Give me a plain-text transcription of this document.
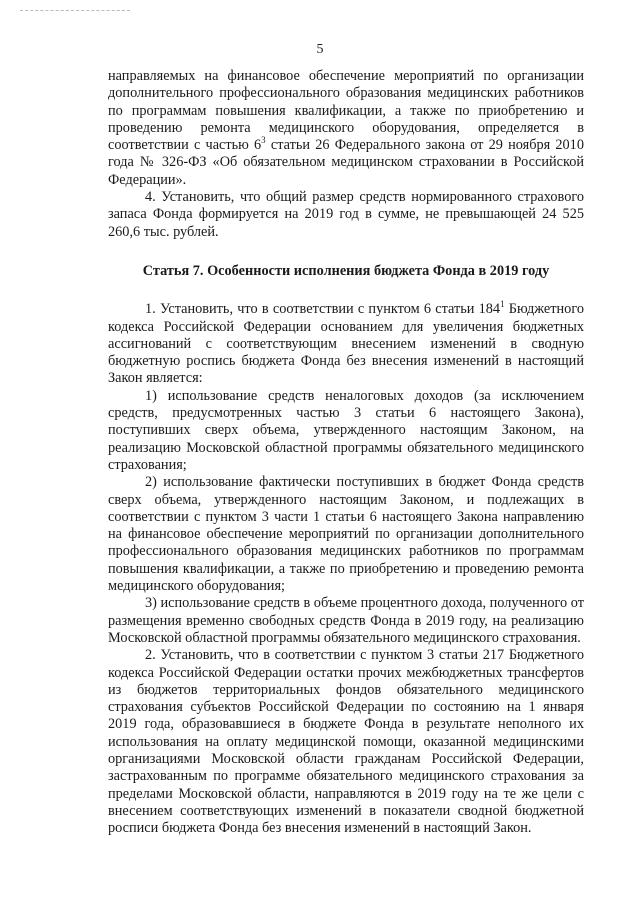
5

направляемых на финансовое обеспечение мероприятий по организации дополнительного профессионального образования медицинских работников по программам повышения квалификации, а также по приобретению и проведению ремонта медицинского оборудования, определяется в соответствии с частью $6^3$ статьи 26 Федерального закона от 29 ноября 2010 года № 326-ФЗ «Об обязательном медицинском страховании в Российской Федерации».

4. Установить, что общий размер средств нормированного страхового запаса Фонда формируется на 2019 год в сумме, не превышающей 24 525 260,6 тыс. рублей.

Статья 7. Особенности исполнения бюджета Фонда в 2019 году

1. Установить, что в соответствии с пунктом 6 статьи $184^1$ Бюджетного кодекса Российской Федерации основанием для увеличения бюджетных ассигнований с соответствующим внесением изменений в сводную бюджетную роспись бюджета Фонда без внесения изменений в настоящий Закон является:

1) использование средств неналоговых доходов (за исключением средств, предусмотренных частью 3 статьи 6 настоящего Закона), поступивших сверх объема, утвержденного настоящим Законом, на реализацию Московской областной программы обязательного медицинского страхования;

2) использование фактически поступивших в бюджет Фонда средств сверх объема, утвержденного настоящим Законом, и подлежащих в соответствии с пунктом 3 части 1 статьи 6 настоящего Закона направлению на финансовое обеспечение мероприятий по организации дополнительного профессионального образования медицинских работников по программам повышения квалификации, а также по приобретению и проведению ремонта медицинского оборудования;

3) использование средств в объеме процентного дохода, полученного от размещения временно свободных средств Фонда в 2019 году, на реализацию Московской областной программы обязательного медицинского страхования.

2. Установить, что в соответствии с пунктом 3 статьи 217 Бюджетного кодекса Российской Федерации остатки прочих межбюджетных трансфертов из бюджетов территориальных фондов обязательного медицинского страхования субъектов Российской Федерации по состоянию на 1 января 2019 года, образовавшиеся в бюджете Фонда в результате неполного их использования на оплату медицинской помощи, оказанной медицинскими организациями Московской области гражданам Российской Федерации, застрахованным по программе обязательного медицинского страхования за пределами Московской области, направляются в 2019 году на те же цели с внесением соответствующих изменений в показатели сводной бюджетной росписи бюджета Фонда без внесения изменений в настоящий Закон.
